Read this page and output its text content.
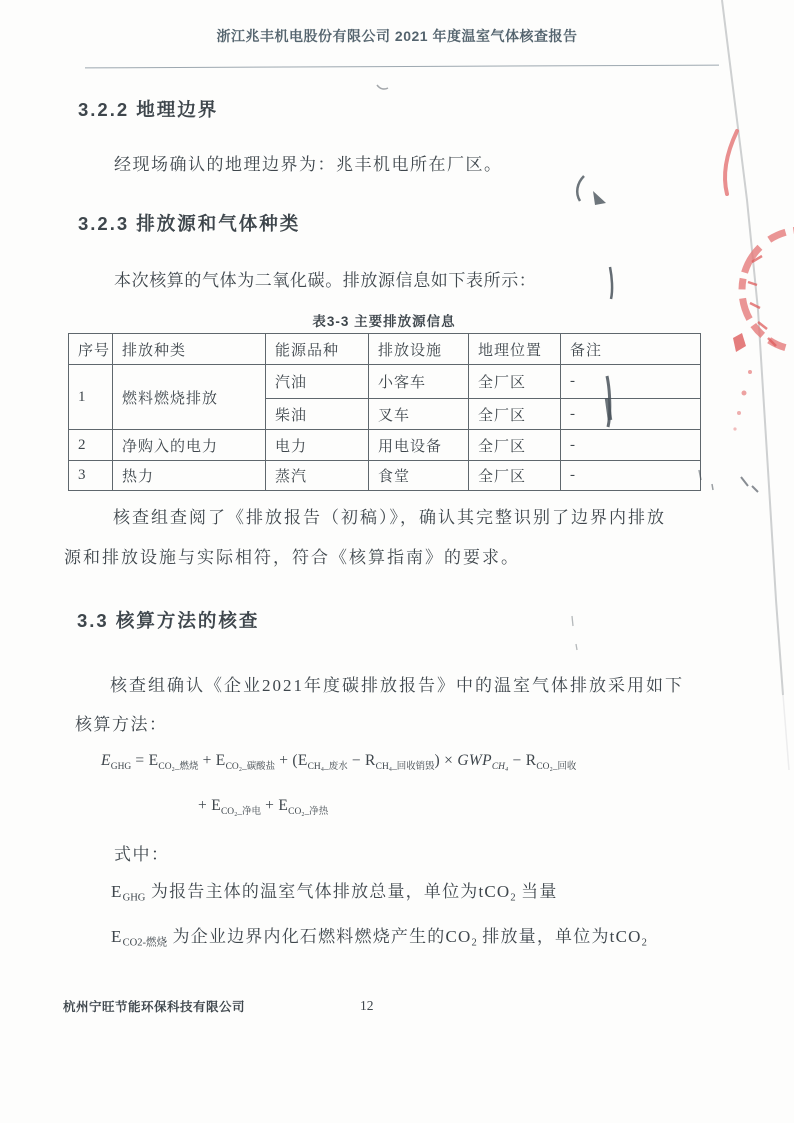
浙江兆丰机电股份有限公司 2021 年度温室气体核查报告
3.2.2 地理边界
经现场确认的地理边界为：兆丰机电所在厂区。
3.2.3 排放源和气体种类
本次核算的气体为二氧化碳。排放源信息如下表所示：
表3-3 主要排放源信息
序号	排放种类	能源品种	排放设施	地理位置	备注
1	燃料燃烧排放	汽油	小客车	全厂区	-
		柴油	叉车	全厂区	-
2	净购入的电力	电力	用电设备	全厂区	-
3	热力	蒸汽	食堂	全厂区	-
核查组查阅了《排放报告（初稿）》，确认其完整识别了边界内排放
源和排放设施与实际相符，符合《核算指南》的要求。
3.3 核算方法的核查
核查组确认《企业2021年度碳排放报告》中的温室气体排放采用如下
核算方法：
$E_{GHG} = E_{CO_2\_燃烧} + E_{CO_2\_碳酸盐} + (E_{CH_4\_废水} - R_{CH_4\_回收销毁}) \times GWP_{CH_4} - R_{CO_2\_回收}$
+ $E_{CO_2\_净电} + E_{CO_2\_净热}$
式中：
$E_{GHG}$ 为报告主体的温室气体排放总量，单位为tCO$_2$ 当量
$E_{CO2-燃烧}$ 为企业边界内化石燃料燃烧产生的$CO_2$ 排放量，单位为tCO$_2$
杭州宁旺节能环保科技有限公司	12
